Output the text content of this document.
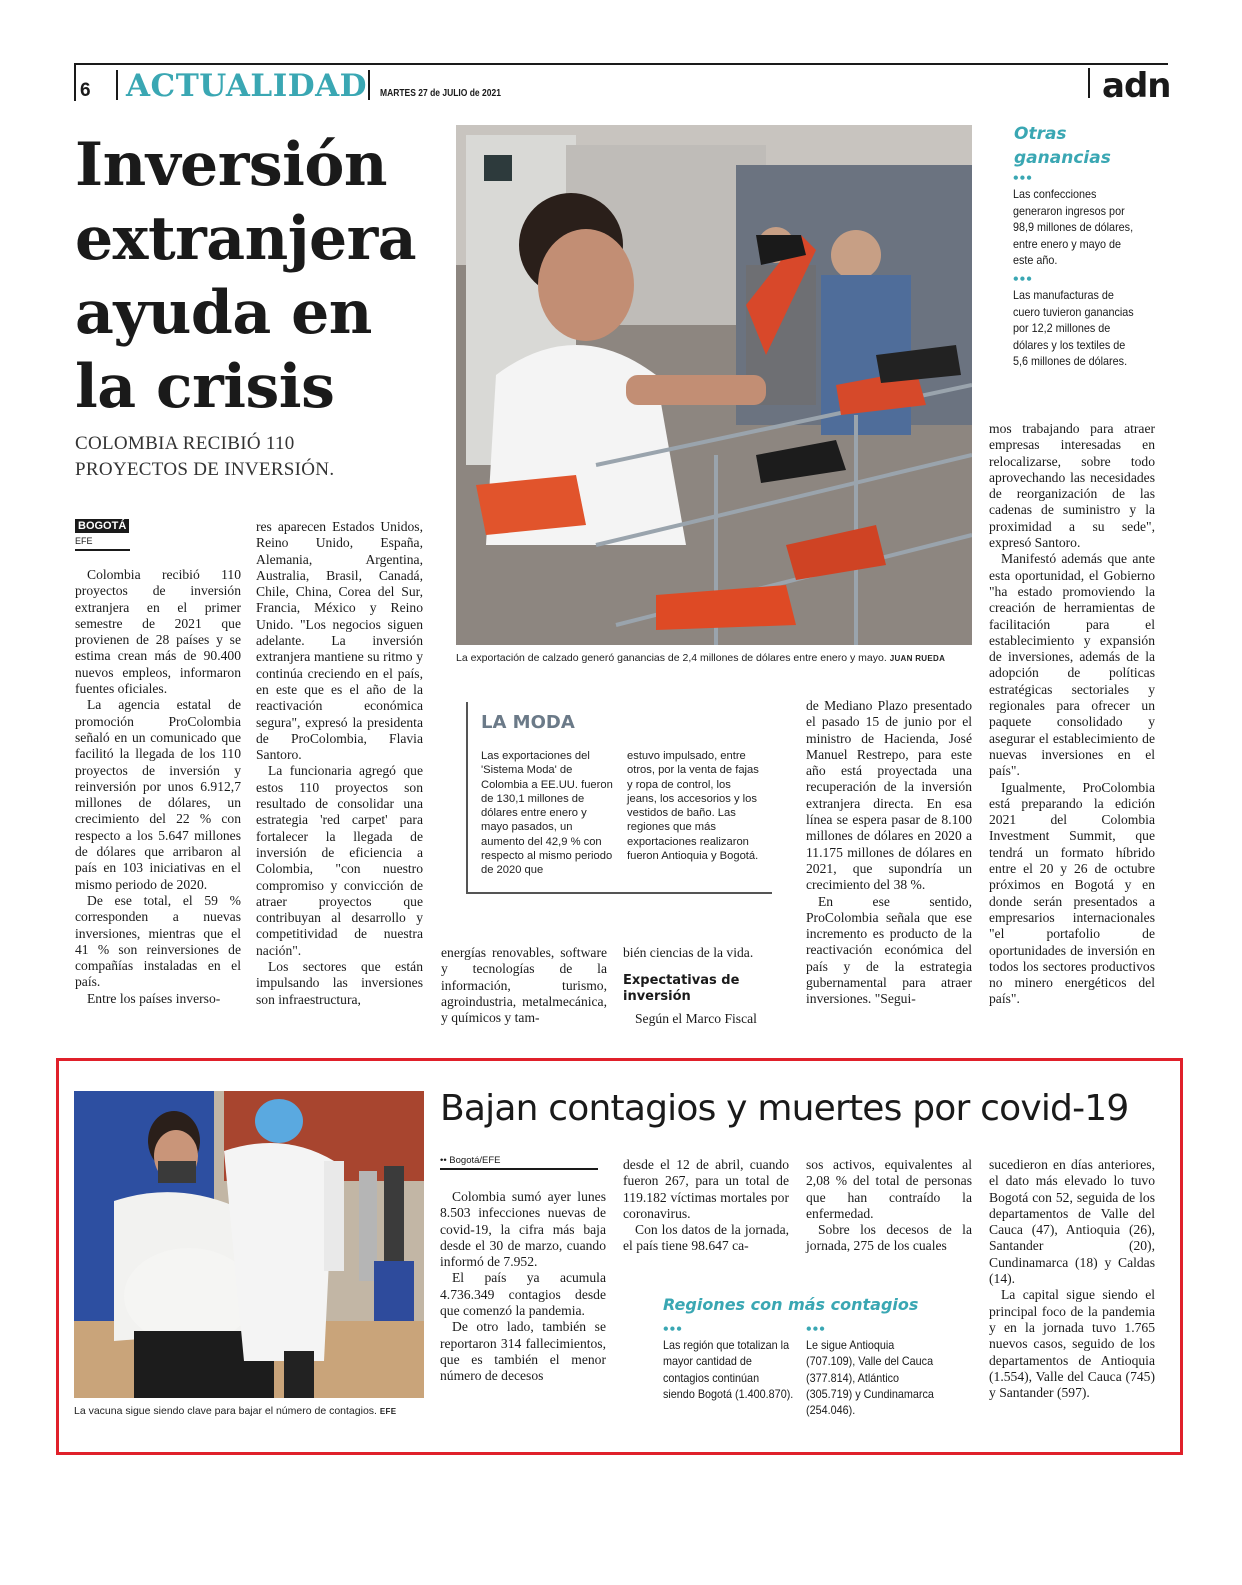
6 ACTUALIDAD MARTES 27 de JULIO de 2021	adn
Inversión
extranjera
ayuda en
la crisis
COLOMBIA RECIBIÓ 110
PROYECTOS DE INVERSIÓN.
BOGOTÁ
EFE

Colombia recibió 110 proyectos de inversión extranjera en el primer semestre de 2021 que provienen de 28 países y se estima crean más de 90.400 nuevos empleos, informaron fuentes oficiales.

La agencia estatal de promoción ProColombia señaló en un comunicado que facilitó la llegada de los 110 proyectos de inversión y reinversión por unos 6.912,7 millones de dólares, un crecimiento del 22 % con respecto a los 5.647 millones de dólares que arribaron al país en 103 iniciativas en el mismo periodo de 2020.

De ese total, el 59 % corresponden a nuevas inversiones, mientras que el 41 % son reinversiones de compañías instaladas en el país.

Entre los países inverso-

res aparecen Estados Unidos, Reino Unido, España, Alemania, Argentina, Australia, Brasil, Canadá, Chile, China, Corea del Sur, Francia, México y Reino Unido. "Los negocios siguen adelante. La inversión extranjera mantiene su ritmo y continúa creciendo en el país, en este que es el año de la reactivación económica segura", expresó la presidenta de ProColombia, Flavia Santoro.

La funcionaria agregó que estos 110 proyectos son resultado de consolidar una estrategia 'red carpet' para fortalecer la llegada de inversión de eficiencia a Colombia, "con nuestro compromiso y convicción de atraer proyectos que contribuyan al desarrollo y competitividad de nuestra nación".

Los sectores que están impulsando las inversiones son infraestructura,

La exportación de calzado generó ganancias de 2,4 millones de dólares entre enero y mayo. JUAN RUEDA
Otras
ganancias
•••
Las confecciones generaron ingresos por 98,9 millones de dólares, entre enero y mayo de este año.
•••
Las manufacturas de cuero tuvieron ganancias por 12,2 millones de dólares y los textiles de 5,6 millones de dólares.

mos trabajando para atraer empresas interesadas en relocalizarse, sobre todo aprovechando las necesidades de reorganización de las cadenas de suministro y la proximidad a su sede", expresó Santoro.

Manifestó además que ante esta oportunidad, el Gobierno "ha estado promoviendo la creación de herramientas de facilitación para el establecimiento y expansión de inversiones, además de la adopción de políticas estratégicas sectoriales y regionales para ofrecer un paquete consolidado y asegurar el establecimiento de nuevas inversiones en el país".

Igualmente, ProColombia está preparando la edición 2021 del Colombia Investment Summit, que tendrá un formato híbrido entre el 20 y 26 de octubre próximos en Bogotá y en donde serán presentados a empresarios internacionales "el portafolio de oportunidades de inversión en todos los sectores productivos no minero energéticos del país".

LA MODA
Las exportaciones del 'Sistema Moda' de Colombia a EE.UU. fueron de 130,1 millones de dólares entre enero y mayo pasados, un aumento del 42,9 % con respecto al mismo periodo de 2020 que
estuvo impulsado, entre otros, por la venta de fajas y ropa de control, los jeans, los accesorios y los vestidos de baño. Las regiones que más exportaciones realizaron fueron Antioquia y Bogotá.

energías renovables, software y tecnologías de la información, turismo, agroindustria, metalmecánica, y químicos y tam-

bién ciencias de la vida.

Expectativas de
inversión

Según el Marco Fiscal

de Mediano Plazo presentado el pasado 15 de junio por el ministro de Hacienda, José Manuel Restrepo, para este año está proyectada una recuperación de la inversión extranjera directa. En esa línea se espera pasar de 8.100 millones de dólares en 2020 a 11.175 millones de dólares en 2021, que supondría un crecimiento del 38 %.

En ese sentido, ProColombia señala que ese incremento es producto de la reactivación económica del país y de la estrategia gubernamental para atraer inversiones. "Segui-

La vacuna sigue siendo clave para bajar el número de contagios. EFE
Bajan contagios y muertes por covid-19
•• Bogotá/EFE

Colombia sumó ayer lunes 8.503 infecciones nuevas de covid-19, la cifra más baja desde el 30 de marzo, cuando informó de 7.952.

El país ya acumula 4.736.349 contagios desde que comenzó la pandemia.

De otro lado, también se reportaron 314 fallecimientos, que es también el menor número de decesos

desde el 12 de abril, cuando fueron 267, para un total de 119.182 víctimas mortales por coronavirus.

Con los datos de la jornada, el país tiene 98.647 ca-

sos activos, equivalentes al 2,08 % del total de personas que han contraído la enfermedad.

Sobre los decesos de la jornada, 275 de los cuales

sucedieron en días anteriores, el dato más elevado lo tuvo Bogotá con 52, seguida de los departamentos de Valle del Cauca (47), Antioquia (26), Santander (20), Cundinamarca (18) y Caldas (14).

La capital sigue siendo el principal foco de la pandemia y en la jornada tuvo 1.765 nuevos casos, seguido de los departamentos de Antioquia (1.554), Valle del Cauca (745) y Santander (597).

Regiones con más contagios
•••
Las región que totalizan la mayor cantidad de contagios continúan siendo Bogotá (1.400.870).
•••
Le sigue Antioquia (707.109), Valle del Cauca (377.814), Atlántico (305.719) y Cundinamarca (254.046).
